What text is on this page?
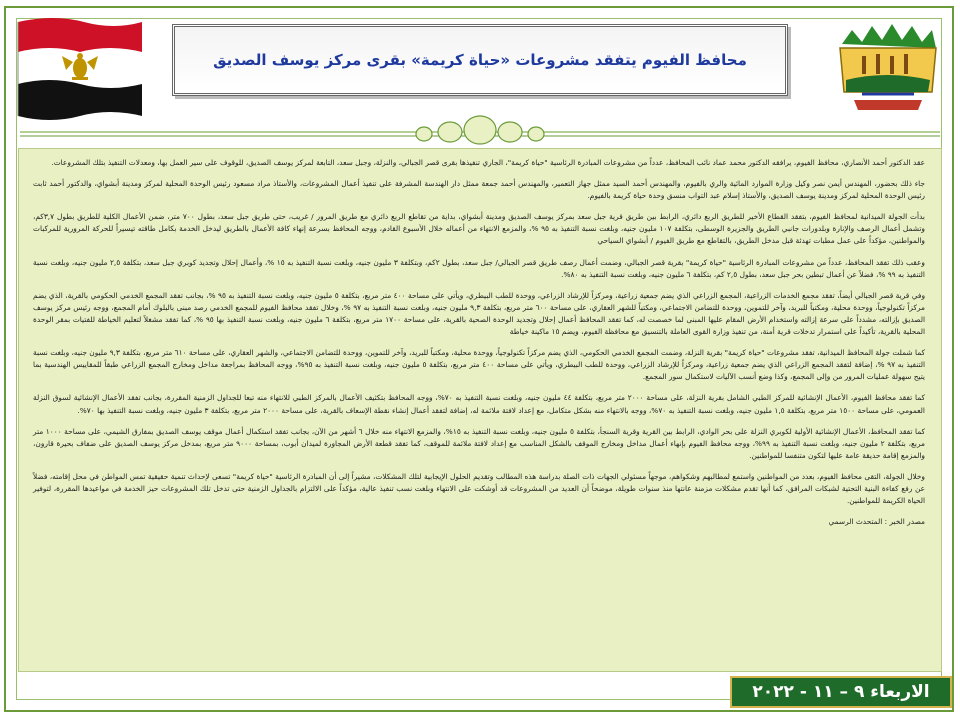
محافظ الفيوم يتفقد مشروعات «حياة كريمة» بقرى مركز يوسف الصديق

عقد الدكتور أحمد الأنصاري، محافظ الفيوم، يرافقه الدكتور محمد عماد نائب المحافظ، عدداً من مشروعات المبادرة الرئاسية "حياة كريمة"، الجاري تنفيذها بقرى قصر الجبالي، والنزلة، وجبل سعد، التابعة لمركز يوسف الصديق، للوقوف على سير العمل بها، ومعدلات التنفيذ بتلك المشروعات.

جاء ذلك بحضور، المهندس أيمن نصر وكيل وزارة الموارد المائية والري بالفيوم، والمهندس أحمد السيد ممثل جهاز التعمير، والمهندس أحمد جمعة ممثل دار الهندسة المشرفة على تنفيذ أعمال المشروعات، والأستاذ مراد مسعود رئيس الوحدة المحلية لمركز ومدينة أبشواي، والدكتور أحمد ثابت رئيس الوحدة المحلية لمركز ومدينة يوسف الصديق، والأستاذ إسلام عبد التواب منسق وحدة حياة كريمة بالفيوم.

بدأت الجولة الميدانية لمحافظ الفيوم، بتفقد القطاع الأخير للطريق الربع دائري، الرابط بين طريق قرية جبل سعد بمركز يوسف الصديق ومدينة أبشواي، بداية من تقاطع الربع دائري مع طريق المرور / غريب، حتى طريق جبل سعد، بطول ٧٠٠ متر، ضمن الأعمال الكلية للطريق بطول ٣,٧كم، وتشمل أعمال الرصف والإنارة وبلدورات جانبي الطريق والجزيرة الوسطى، بتكلفة ١٠٧ مليون جنيه، وبلغت نسبة التنفيذ به ٩٥ %، والمزمع الانتهاء من أعماله خلال الأسبوع القادم، ووجه المحافظ بسرعة إنهاء كافة الأعمال بالطريق ليدخل الخدمة بكامل طاقته تيسيراً للحركة المرورية للمركبات والمواطنين، مؤكداً على عمل مطبات تهدئة قبل مدخل الطريق، بالتقاطع مع طريق الفيوم / أبشواي السياحي

وعقب ذلك تفقد المحافظ، عدداً من مشروعات المبادرة الرئاسية "حياة كريمة" بقرية قصر الجبالي، وضمت أعمال رصف طريق قصر الجبالي/ جبل سعد، بطول ٢كم، وبتكلفة ٣ مليون جنيه، وبلغت نسبة التنفيذ به ١٥ %، وأعمال إحلال وتجديد كوبري جبل سعد، بتكلفة ٢,٥ مليون جنيه، وبلغت نسبة التنفيذ به ٩٩ %، فضلاً عن أعمال تبطين بحر جبل سعد، بطول ٢,٥ كم، بتكلفة ٦ مليون جنيه، وبلغت نسبة التنفيذ به ٨٠%.

وفي قرية قصر الجبالي أيضاً، تفقد مجمع الخدمات الزراعية، المجمع الزراعي الذي يضم جمعية زراعية، ومركزاً للإرشاد الزراعي، ووحدة للطب البيطري، ويأتي على مساحة ٤٠٠ متر مربع، بتكلفة ٥ مليون جنيه، وبلغت نسبة التنفيذ به ٩٥ %، بجانب تفقد المجمع الخدمي الحكومي بالقرية، الذي يضم مركزاً تكنولوجياً، ووحدة محلية، ومكتباً للبريد، وآخر للتموين، ووحدة للتضامن الاجتماعي، ومكتباً للشهر العقاري، على مساحة ٦٠٠ متر مربع، بتكلفة ٩,٣ مليون جنيه، وبلغت نسبة التنفيذ به ٩٧ %، وخلال تفقد محافظ الفيوم للمجمع الخدمي رصد مبنى بالبلوك أمام المجمع، ووجه رئيس مركز يوسف الصديق بإزالته، مشدداً على سرعة إزالته واستخدام الأرض المقام عليها المبنى لما خصصت له، كما تفقد المحافظ أعمال إحلال وتجديد الوحدة الصحية بالقرية، على مساحة ١٧٠٠ متر مربع، بتكلفة ٦ مليون جنيه، وبلغت نسبة التنفيذ بها ٩٥ %، كما تفقد مشغلاً لتعليم الخياطة للفتيات بمقر الوحدة المحلية بالقرية، تأكيداً على استمرار تدخلات قرية أمنة، من تنفيذ وزارة القوى العاملة بالتنسيق مع محافظة الفيوم، ويضم ١٥ ماكينة خياطة

كما شملت جولة المحافظ الميدانية، تفقد مشروعات "حياة كريمة" بقرية النزلة، وضمت المجمع الخدمي الحكومي، الذي يضم مركزاً تكنولوجياً، ووحدة محلية، ومكتباً للبريد، وآخر للتموين، ووحدة للتضامن الاجتماعي، والشهر العقاري، على مساحة ٦١٠ متر مربع، بتكلفة ٩,٣ مليون جنيه، وبلغت نسبة التنفيذ به ٩٧ %، إضافة لتفقد المجمع الزراعي الذي يضم جمعية زراعية، ومركزاً للإرشاد الزراعي، ووحدة للطب البيطري، ويأتي على مساحة ٤٠٠ متر مربع، بتكلفة ٥ مليون جنيه، وبلغت نسبة التنفيذ به ٩٥%، ووجه المحافظ بمراجعة مداخل ومخارج المجمع الزراعي طبقاً للمقاييس الهندسية بما يتيح سهولة عمليات المرور من وإلى المجمع، وكذا وضع أنسب الآليات لاستكمال سور المجمع.

كما تفقد محافظ الفيوم، الأعمال الإنشائية للمركز الطبي الشامل بقرية النزلة، على مساحة ٢٠٠٠ متر مربع، بتكلفة ٤٤ مليون جنيه، وبلغت نسبة التنفيذ به ٧٠%، ووجه المحافظ بتكثيف الأعمال بالمركز الطبي للانتهاء منه تبعا للجداول الزمنية المقررة، بجانب تفقد الأعمال الإنشائية لسوق النزلة العمومي، على مساحة ١٥٠٠ متر مربع، بتكلفة ١,٥ مليون جنيه، وبلغت نسبة التنفيذ به ٧٠%، ووجه بالانتهاء منه بشكل متكامل، مع إعداد لافتة ملائمة له، إضافة لتفقد أعمال إنشاء نقطة الإسعاف بالقرية، على مساحة ٢٠٠٠ متر مربع، بتكلفة ٣ مليون جنيه، وبلغت نسبة التنفيذ بها ٧٠%.

كما تفقد المحافظ، الأعمال الإنشائية الأولية لكوبري النزلة على بحر الوادي، الرابط بين القرية وقرية السنجأ، بتكلفة ٥ مليون جنيه، وبلغت نسبة التنفيذ به ١٥%، والمزمع الانتهاء منه خلال ٦ أشهر من الآن، بجانب تفقد استكمال أعمال موقف يوسف الصديق بمفارق الشيمي، على مساحة ١٠٠٠ متر مربع، بتكلفة ٢ مليون جنيه، وبلغت نسبة التنفيذ به ٩٩%، ووجه محافظ الفيوم بإنهاء أعمال مداخل ومخارج الموقف بالشكل المناسب مع إعداد لافتة ملائمة للموقف، كما تفقد قطعة الأرض المجاورة لميدان أبوب، بمساحة ٩٠٠٠ متر مربع، بمدخل مركز يوسف الصديق على ضفاف بحيرة قارون، والمزمع إقامة حديقة عامة عليها لتكون متنفسا للمواطنين.

وخلال الجولة، التقى محافظ الفيوم، بعدد من المواطنين واستمع لمطالبهم وشكواهم، موجهاً مسئولي الجهات ذات الصلة بدراسة هذه المطالب وتقديم الحلول الإيجابية لتلك المشكلات، مشيراً إلى أن المبادرة الرئاسية "حياة كريمة" تسعى لإحداث تنمية حقيقية تمس المواطن في محل إقامته، فضلاً عن رفع كفاءة البنية التحتية لشبكات المرافق، كما أنها تقدم مشكلات مزمنة عانتها منذ سنوات طويلة، موضحاً أن العديد من المشروعات قد أوشكت على الانتهاء وبلغت نسب تنفيذ عالية، مؤكداً على الالتزام بالجداول الزمنية حتى تدخل تلك المشروعات حيز الخدمة في مواعيدها المقررة، لتوفير الحياة الكريمة للمواطنين.

مصدر الخبر : المتحدث الرسمي

الاربعاء ٩ – ١١ - ٢٠٢٢
